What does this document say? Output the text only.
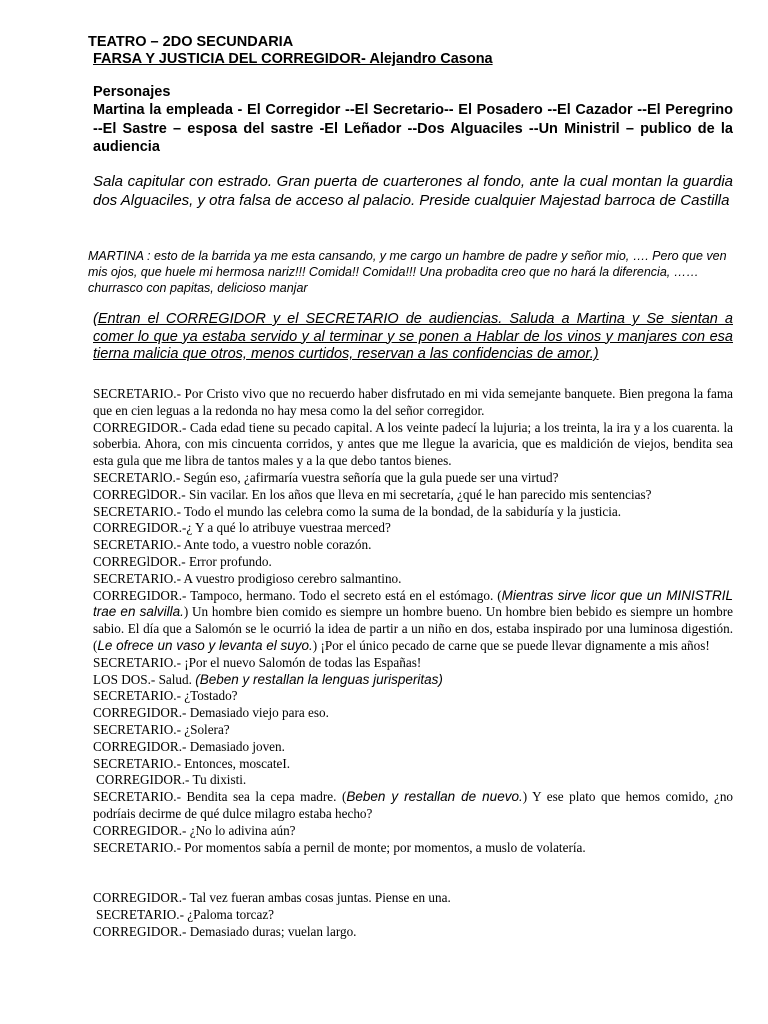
TEATRO – 2DO SECUNDARIA
FARSA Y JUSTICIA DEL CORREGIDOR- Alejandro Casona
Personajes
Martina la empleada - El Corregidor --El Secretario-- El Posadero --El Cazador --El Peregrino --El Sastre – esposa del sastre -El Leñador --Dos Alguaciles --Un Ministril – publico de la audiencia
Sala capitular con estrado. Gran puerta de cuarterones al fondo, ante la cual montan la guardia dos Alguaciles, y otra falsa de acceso al palacio. Preside cualquier Majestad barroca de Castilla
MARTINA : esto de la barrida ya me esta cansando, y me cargo un hambre de padre y señor mio, …. Pero que ven mis ojos, que huele mi hermosa nariz!!! Comida!! Comida!!! Una probadita creo que no hará la diferencia, …… churrasco con papitas, delicioso manjar
(Entran el CORREGIDOR y el SECRETARIO de audiencias. Saluda a Martina y Se sientan a comer lo que ya estaba servido y al terminar y se ponen a Hablar de los vinos y manjares con esa tierna malicia que otros, menos curtidos, reservan a las confidencias de amor.)

SECRETARIO.- Por Cristo vivo que no recuerdo haber disfrutado en mi vida semejante banquete. Bien pregona la fama que en cien leguas a la redonda no hay mesa como la del señor corregidor.

CORREGIDOR.- Cada edad tiene su pecado capital. A los veinte padecí la lujuria; a los treinta, la ira y a los cuarenta. la soberbia. Ahora, con mis cincuenta corridos, y antes que me llegue la avaricia, que es maldición de viejos, bendita sea esta gula que me libra de tantos males y a la que debo tantos bienes.

SECRETARlO.- Según eso, ¿afirmaría vuestra señoría que la gula puede ser una virtud?

CORREGlDOR.- Sin vacilar. En los años que lleva en mi secretaría, ¿qué le han parecido mis sentencias?

SECRETARIO.- Todo el mundo las celebra como la suma de la bondad, de la sabiduría y la justicia.

CORREGIDOR.-¿ Y a qué lo atribuye vuestraa merced?

SECRETARIO.- Ante todo, a vuestro noble corazón.

CORREGlDOR.- Error profundo.

SECRETARIO.- A vuestro prodigioso cerebro salmantino.

CORREGIDOR.- Tampoco, hermano. Todo el secreto está en el estómago. (Mientras sirve licor que un MINISTRIL trae en salvilla.) Un hombre bien comido es siempre un hombre bueno. Un hombre bien bebido es siempre un hombre sabio. El día que a Salomón se le ocurrió la idea de partir a un niño en dos, estaba inspirado por una luminosa digestión. (Le ofrece un vaso y levanta el suyo.) ¡Por el único pecado de carne que se puede llevar dignamente a mis años!

SECRETARIO.- ¡Por el nuevo Salomón de todas las Españas!

LOS DOS.- Salud. (Beben y restallan la lenguas jurisperitas)

SECRETARIO.- ¿Tostado?

CORREGIDOR.- Demasiado viejo para eso.

SECRETARIO.- ¿Solera?

CORREGIDOR.- Demasiado joven.

SECRETARIO.- Entonces, moscateI.

CORREGIDOR.- Tu dixisti.

SECRETARIO.- Bendita sea la cepa madre. (Beben y restallan de nuevo.) Y ese plato que hemos comido, ¿no podríais decirme de qué dulce milagro estaba hecho?

CORREGIDOR.- ¿No lo adivina aún?

SECRETARIO.- Por momentos sabía a pernil de monte; por momentos, a muslo de volatería.

CORREGIDOR.- Tal vez fueran ambas cosas juntas. Piense en una.

SECRETARIO.- ¿Paloma torcaz?

CORREGIDOR.- Demasiado duras; vuelan largo.
